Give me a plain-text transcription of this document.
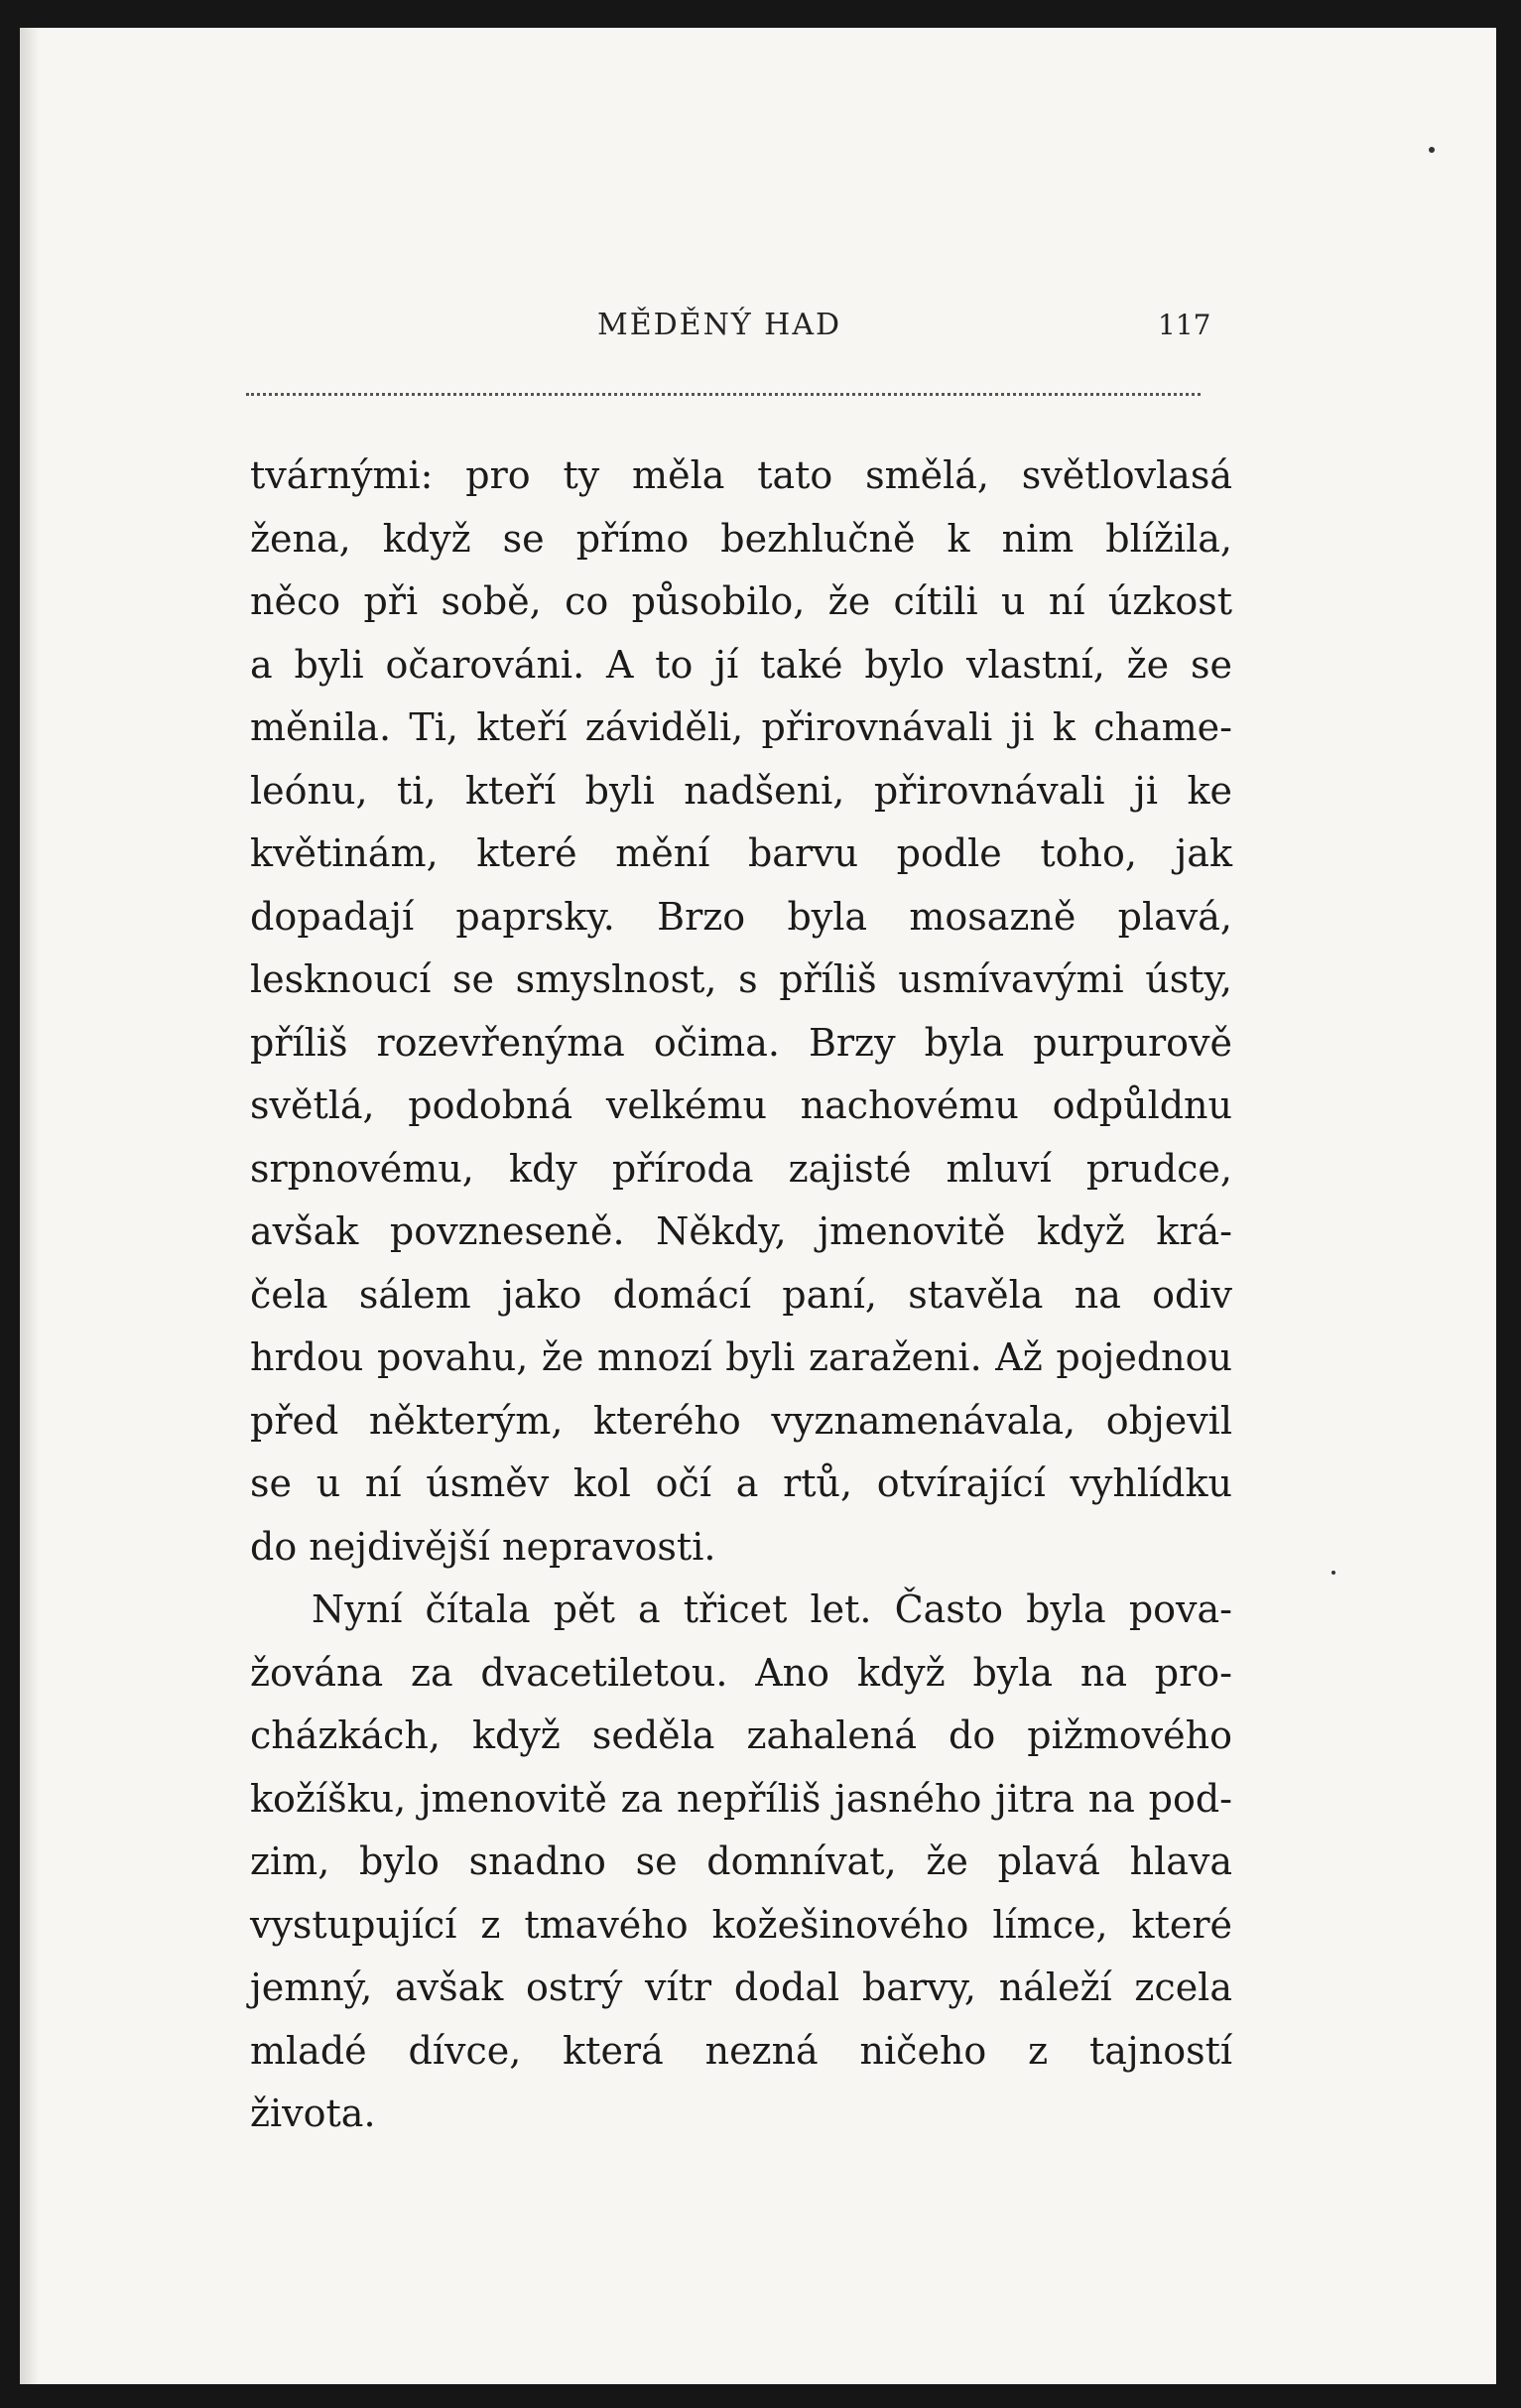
MĚDĚNÝ HAD	117
tvárnými: pro ty měla tato smělá, světlovlasá
žena, když se přímo bezhlučně k nim blížila,
něco při sobě, co působilo, že cítili u ní úzkost
a byli očarováni. A to jí také bylo vlastní, že se
měnila. Ti, kteří záviděli, přirovnávali ji k chame-
leónu, ti, kteří byli nadšeni, přirovnávali ji ke
květinám, které mění barvu podle toho, jak
dopadají paprsky. Brzo byla mosazně plavá,
lesknoucí se smyslnost, s příliš usmívavými ústy,
příliš rozevřenýma očima. Brzy byla purpurově
světlá, podobná velkému nachovému odpůldnu
srpnovému, kdy příroda zajisté mluví prudce,
avšak povzneseně. Někdy, jmenovitě když krá-
čela sálem jako domácí paní, stavěla na odiv
hrdou povahu, že mnozí byli zaraženi. Až pojednou
před některým, kterého vyznamenávala, objevil
se u ní úsměv kol očí a rtů, otvírající vyhlídku
do nejdivější nepravosti.
Nyní čítala pět a třicet let. Často byla pova-
žována za dvacetiletou. Ano když byla na pro-
cházkách, když seděla zahalená do pižmového
kožíšku, jmenovitě za nepříliš jasného jitra na pod-
zim, bylo snadno se domnívat, že plavá hlava
vystupující z tmavého kožešinového límce, které
jemný, avšak ostrý vítr dodal barvy, náleží zcela
mladé dívce, která nezná ničeho z tajností
života.
